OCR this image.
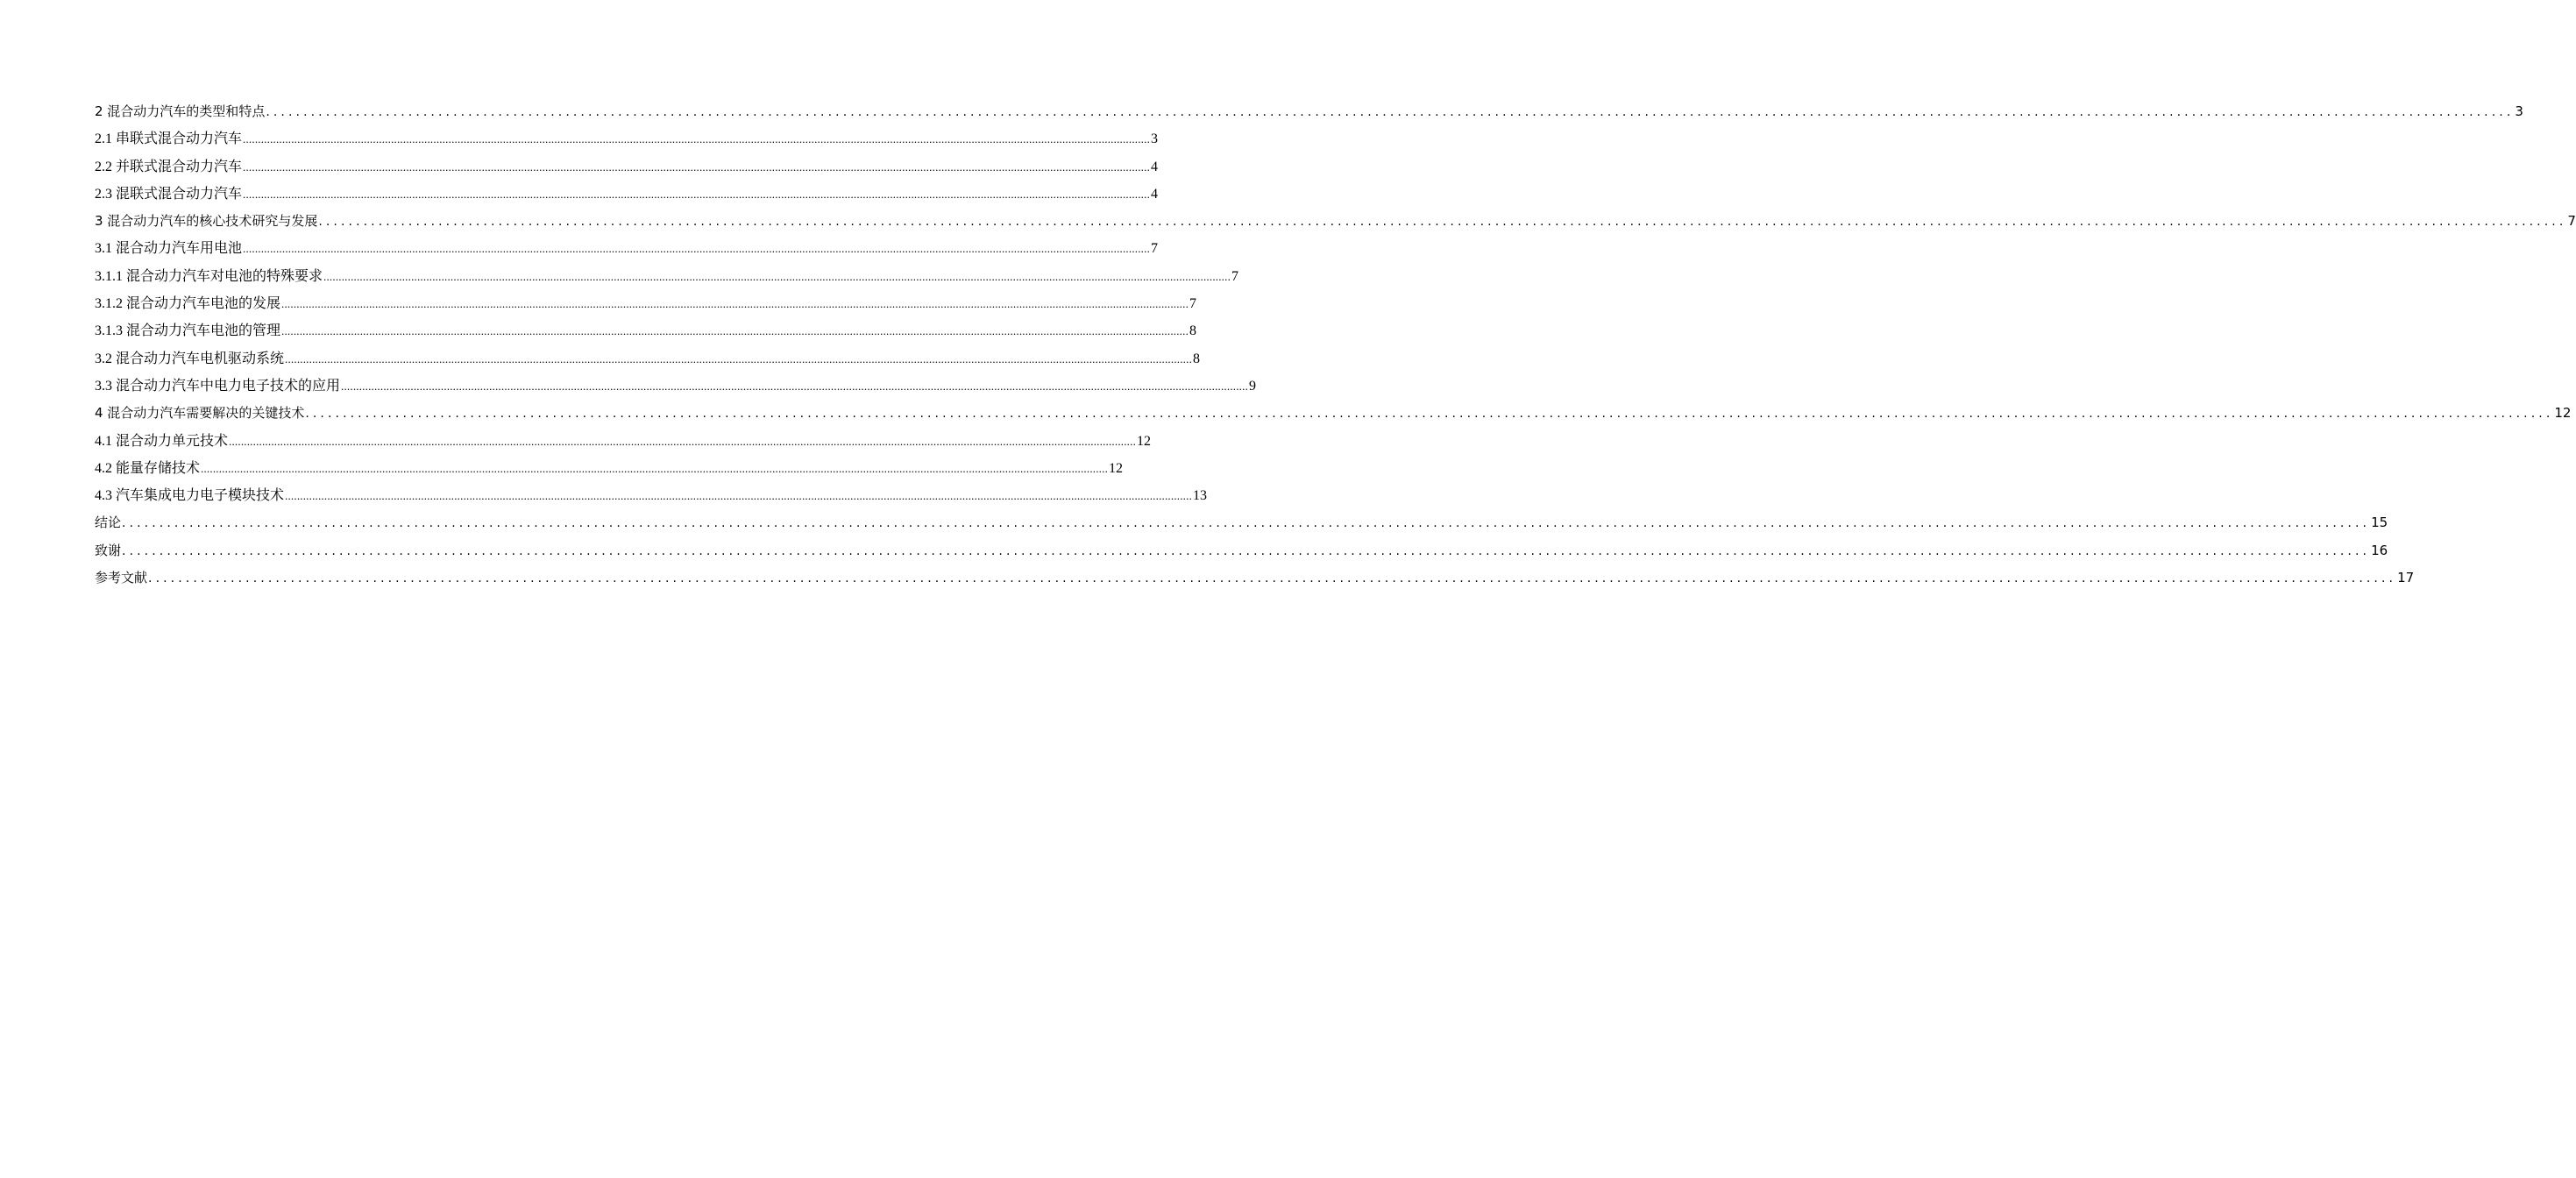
2 混合动力汽车的类型和特点 ............................................................................................................................................................................................................................................................................................................ 3
2.1 串联式混合动力汽车 ............................................................................................................................................................................................................................................................................................................ 3
2.2 并联式混合动力汽车 ............................................................................................................................................................................................................................................................................................................ 4
2.3 混联式混合动力汽车 ............................................................................................................................................................................................................................................................................................................ 4
3 混合动力汽车的核心技术研究与发展 ............................................................................................................................................................................................................................................................................................................ 7
3.1 混合动力汽车用电池 ............................................................................................................................................................................................................................................................................................................ 7
3.1.1 混合动力汽车对电池的特殊要求 ............................................................................................................................................................................................................................................................................................................ 7
3.1.2 混合动力汽车电池的发展 ............................................................................................................................................................................................................................................................................................................ 7
3.1.3 混合动力汽车电池的管理 ............................................................................................................................................................................................................................................................................................................ 8
3.2 混合动力汽车电机驱动系统 ............................................................................................................................................................................................................................................................................................................ 8
3.3 混合动力汽车中电力电子技术的应用 ............................................................................................................................................................................................................................................................................................................ 9
4 混合动力汽车需要解决的关键技术 ............................................................................................................................................................................................................................................................................................................ 12
4.1 混合动力单元技术 ............................................................................................................................................................................................................................................................................................................ 12
4.2 能量存储技术 ............................................................................................................................................................................................................................................................................................................ 12
4.3 汽车集成电力电子模块技术 ............................................................................................................................................................................................................................................................................................................ 13
结论 ............................................................................................................................................................................................................................................................................................................ 15
致谢 ............................................................................................................................................................................................................................................................................................................ 16
参考文献 ............................................................................................................................................................................................................................................................................................................ 17
